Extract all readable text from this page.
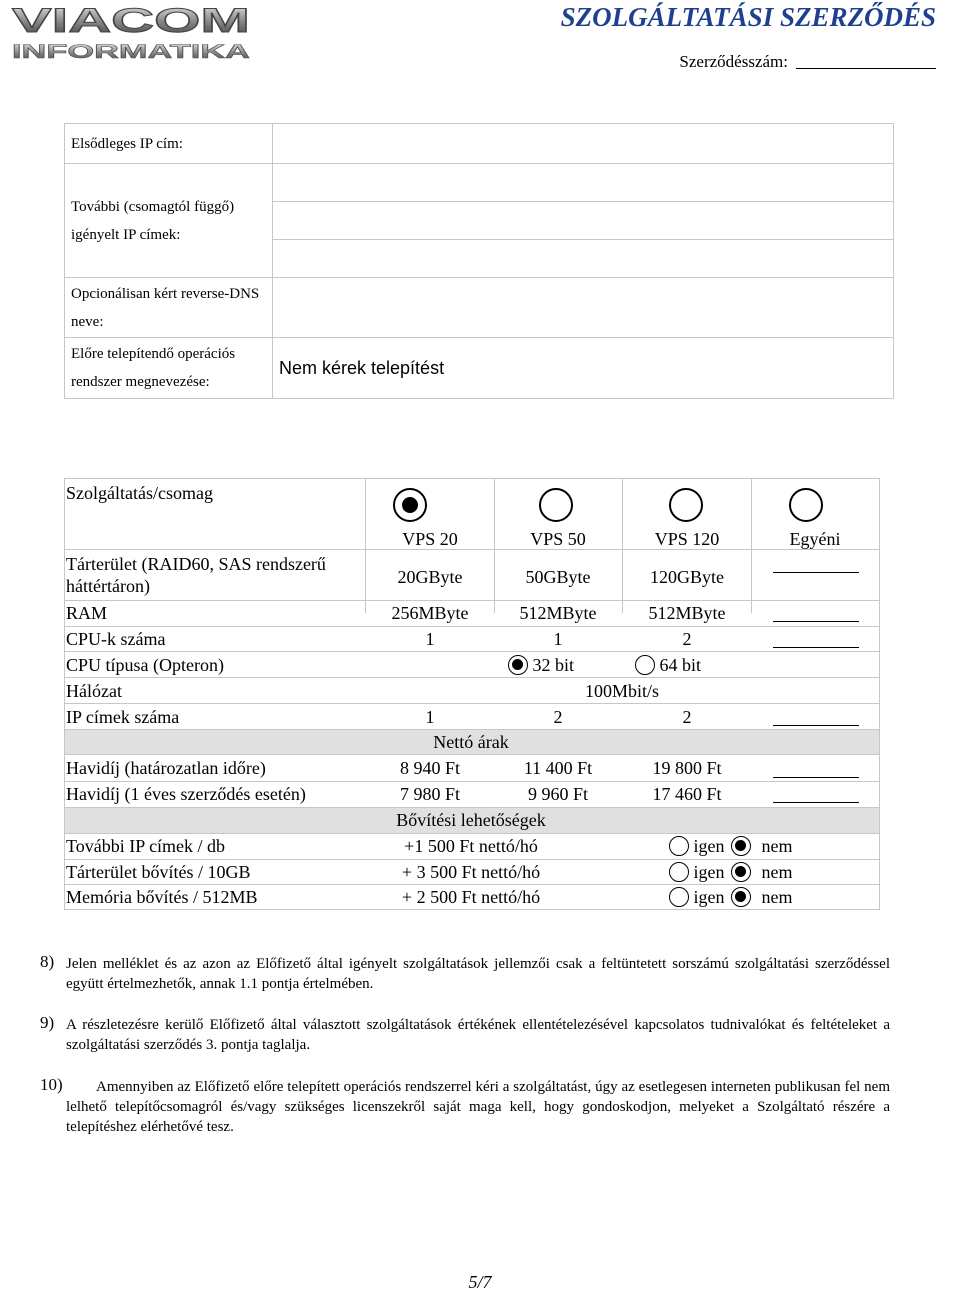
VIACOM
INFORMATIKA
SZOLGÁLTATÁSI SZERZŐDÉS
Szerződésszám:
Elsődleges IP cím:	
További (csomagtól függő) igényelt IP címek:	

Opcionálisan kért reverse-DNS neve:	
Előre telepítendő operációs rendszer megnevezése:	Nem kérek telepítést
Szolgáltatás/csomag
VPS 20	VPS 50	VPS 120	Egyéni
Tárterület (RAID60, SAS rendszerű háttértáron)	20GByte	50GByte	120GByte
RAM	256MByte	512MByte	512MByte
CPU-k száma	1	1	2
CPU típusa (Opteron)	32 bit	64 bit
Hálózat	100Mbit/s
IP címek száma	1	2	2
Nettó árak
Havidíj (határozatlan időre)	8 940 Ft	11 400 Ft	19 800 Ft
Havidíj (1 éves szerződés esetén)	7 980 Ft	9 960 Ft	17 460 Ft
Bővítési lehetőségek
További IP címek / db	+1 500 Ft nettó/hó	igen nem
Tárterület bővítés / 10GB	+ 3 500 Ft nettó/hó	igen nem
Memória bővítés / 512MB	+ 2 500 Ft nettó/hó	igen nem
8) Jelen melléklet és az azon az Előfizető által igényelt szolgáltatások jellemzői csak a feltüntetett sorszámú szolgáltatási szerződéssel együtt értelmezhetők, annak 1.1 pontja értelmében.
9) A részletezésre kerülő Előfizető által választott szolgáltatások értékének ellentételezésével kapcsolatos tudnivalókat és feltételeket a szolgáltatási szerződés 3. pontja taglalja.
10)	Amennyiben az Előfizető előre telepített operációs rendszerrel kéri a szolgáltatást, úgy az esetlegesen interneten publikusan fel nem lelhető telepítőcsomagról és/vagy szükséges licenszekről saját maga kell, hogy gondoskodjon, melyeket a Szolgáltató részére a telepítéshez elérhetővé tesz.
5/7
